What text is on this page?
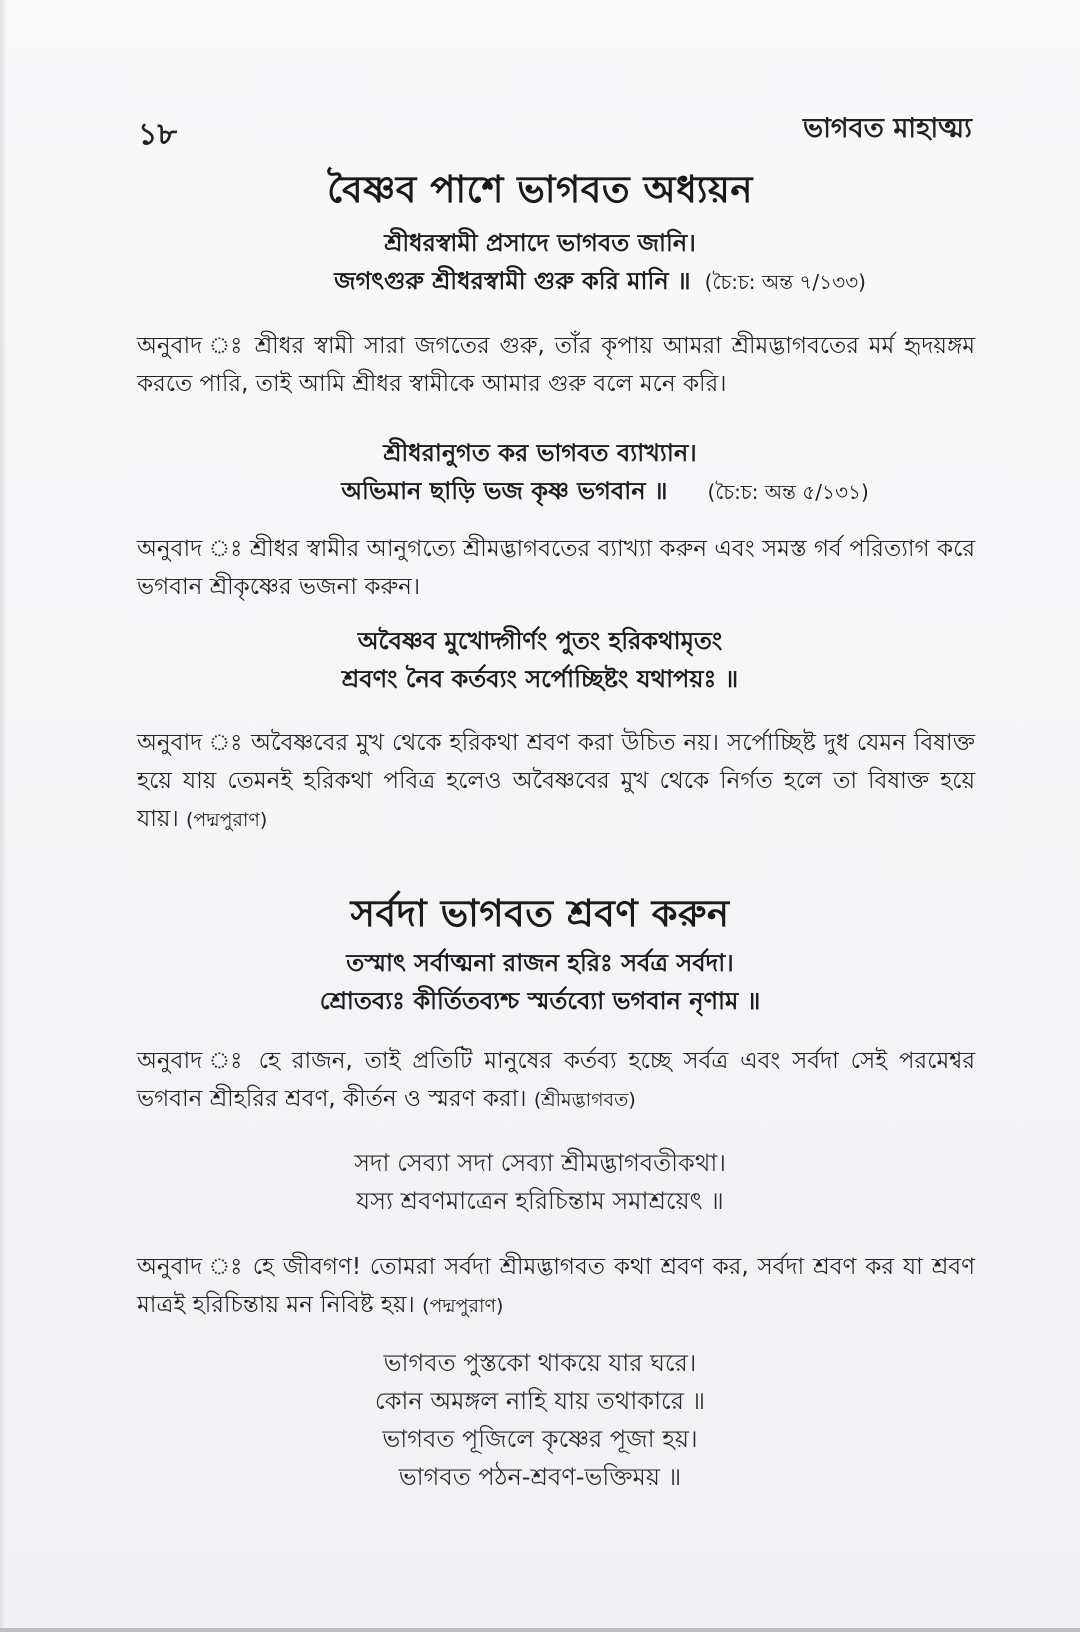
১৮	ভাগবত মাহাত্ম্য
বৈষ্ণব পাশে ভাগবত অধ্যয়ন
শ্রীধরস্বামী প্রসাদে ভাগবত জানি।
জগৎগুরু শ্রীধরস্বামী গুরু করি মানি ॥ (চৈ:চ: অন্ত ৭/১৩৩)
অনুবাদ ঃ শ্রীধর স্বামী সারা জগতের গুরু, তাঁর কৃপায় আমরা শ্রীমদ্ভাগবতের মর্ম হৃদয়ঙ্গম করতে পারি, তাই আমি শ্রীধর স্বামীকে আমার গুরু বলে মনে করি।
শ্রীধরানুগত কর ভাগবত ব্যাখ্যান।
অভিমান ছাড়ি ভজ কৃষ্ণ ভগবান ॥ (চৈ:চ: অন্ত ৫/১৩১)
অনুবাদ ঃ শ্রীধর স্বামীর আনুগত্যে শ্রীমদ্ভাগবতের ব্যাখ্যা করুন এবং সমস্ত গর্ব পরিত্যাগ করে ভগবান শ্রীকৃষ্ণের ভজনা করুন।
অবৈষ্ণব মুখোদ্গীর্ণং পুতং হরিকথামৃতং
শ্রবণং নৈব কর্তব্যং সর্পোচ্ছিষ্টং যথাপয়ঃ ॥
অনুবাদ ঃ অবৈষ্ণবের মুখ থেকে হরিকথা শ্রবণ করা উচিত নয়। সর্পোচ্ছিষ্ট দুধ যেমন বিষাক্ত হয়ে যায় তেমনই হরিকথা পবিত্র হলেও অবৈষ্ণবের মুখ থেকে নির্গত হলে তা বিষাক্ত হয়ে যায়। (পদ্মপুরাণ)
সর্বদা ভাগবত শ্রবণ করুন
তস্মাৎ সর্বাত্মনা রাজন হরিঃ সর্বত্র সর্বদা।
শ্রোতব্যঃ কীর্তিতব্যশ্চ স্মর্তব্যো ভগবান নৃণাম ॥
অনুবাদ ঃ হে রাজন, তাই প্রতিটি মানুষের কর্তব্য হচ্ছে সর্বত্র এবং সর্বদা সেই পরমেশ্বর ভগবান শ্রীহরির শ্রবণ, কীর্তন ও স্মরণ করা। (শ্রীমদ্ভাগবত)
সদা সেব্যা সদা সেব্যা শ্রীমদ্ভাগবতীকথা।
যস্য শ্রবণমাত্রেন হরিচিন্তাম সমাশ্রয়েৎ ॥
অনুবাদ ঃ হে জীবগণ! তোমরা সর্বদা শ্রীমদ্ভাগবত কথা শ্রবণ কর, সর্বদা শ্রবণ কর যা শ্রবণ মাত্রই হরিচিন্তায় মন নিবিষ্ট হয়। (পদ্মপুরাণ)
ভাগবত পুস্তকো থাকয়ে যার ঘরে।
কোন অমঙ্গল নাহি যায় তথাকারে ॥
ভাগবত পূজিলে কৃষ্ণের পূজা হয়।
ভাগবত পঠন-শ্রবণ-ভক্তিময় ॥
